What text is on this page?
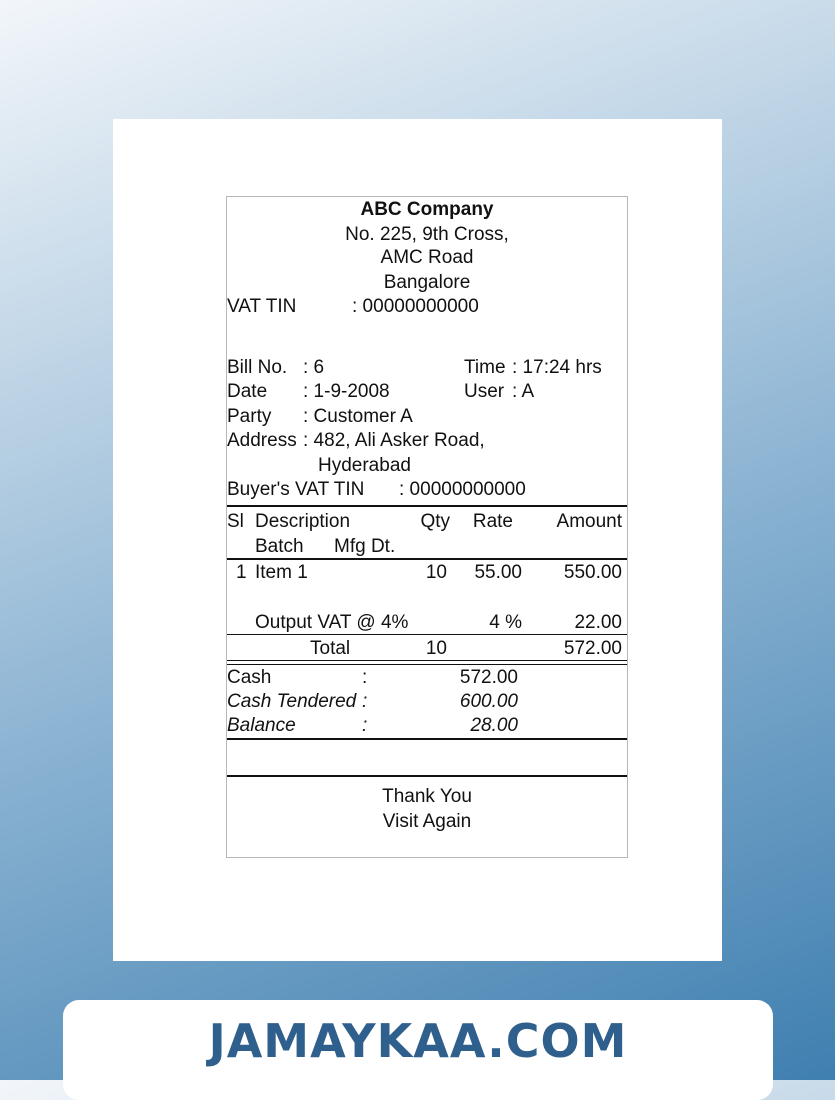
ABC Company
No. 225, 9th Cross,
AMC Road
Bangalore
VAT TIN	: 00000000000
Bill No. : 6	Time : 17:24 hrs
Date : 1-9-2008	User : A
Party : Customer A
Address : 482, Ali Asker Road,
Hyderabad
Buyer's VAT TIN : 00000000000
Sl Description	Qty	Rate	Amount
Batch Mfg Dt.
1 Item 1	10	55.00	550.00
Output VAT @ 4%	4 %	22.00
Total	10	572.00
Cash	:	572.00
Cash Tendered :	600.00
Balance	:	28.00
Thank You
Visit Again
JAMAYKAA.COM
